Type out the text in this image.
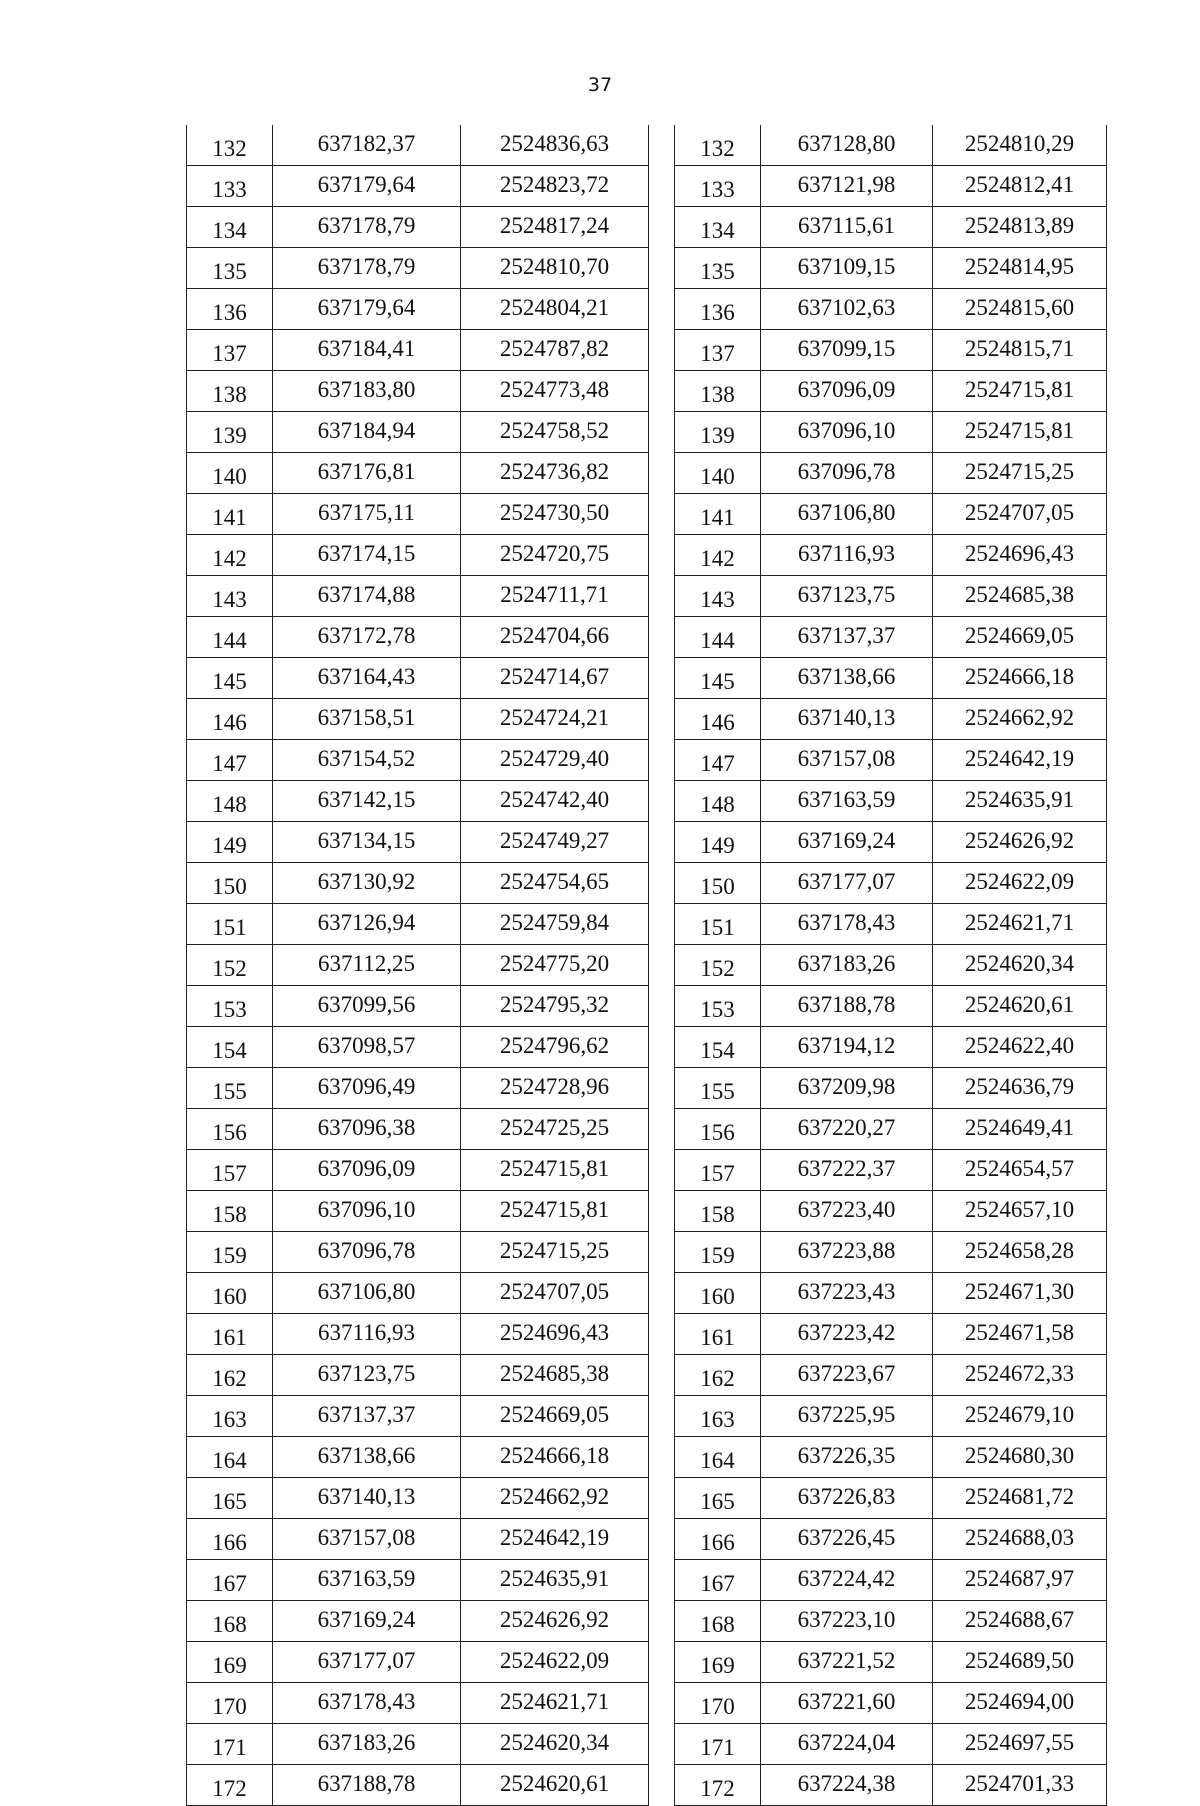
37
132	637182,37	2524836,63
133	637179,64	2524823,72
134	637178,79	2524817,24
135	637178,79	2524810,70
136	637179,64	2524804,21
137	637184,41	2524787,82
138	637183,80	2524773,48
139	637184,94	2524758,52
140	637176,81	2524736,82
141	637175,11	2524730,50
142	637174,15	2524720,75
143	637174,88	2524711,71
144	637172,78	2524704,66
145	637164,43	2524714,67
146	637158,51	2524724,21
147	637154,52	2524729,40
148	637142,15	2524742,40
149	637134,15	2524749,27
150	637130,92	2524754,65
151	637126,94	2524759,84
152	637112,25	2524775,20
153	637099,56	2524795,32
154	637098,57	2524796,62
155	637096,49	2524728,96
156	637096,38	2524725,25
157	637096,09	2524715,81
158	637096,10	2524715,81
159	637096,78	2524715,25
160	637106,80	2524707,05
161	637116,93	2524696,43
162	637123,75	2524685,38
163	637137,37	2524669,05
164	637138,66	2524666,18
165	637140,13	2524662,92
166	637157,08	2524642,19
167	637163,59	2524635,91
168	637169,24	2524626,92
169	637177,07	2524622,09
170	637178,43	2524621,71
171	637183,26	2524620,34
172	637188,78	2524620,61
132	637128,80	2524810,29
133	637121,98	2524812,41
134	637115,61	2524813,89
135	637109,15	2524814,95
136	637102,63	2524815,60
137	637099,15	2524815,71
138	637096,09	2524715,81
139	637096,10	2524715,81
140	637096,78	2524715,25
141	637106,80	2524707,05
142	637116,93	2524696,43
143	637123,75	2524685,38
144	637137,37	2524669,05
145	637138,66	2524666,18
146	637140,13	2524662,92
147	637157,08	2524642,19
148	637163,59	2524635,91
149	637169,24	2524626,92
150	637177,07	2524622,09
151	637178,43	2524621,71
152	637183,26	2524620,34
153	637188,78	2524620,61
154	637194,12	2524622,40
155	637209,98	2524636,79
156	637220,27	2524649,41
157	637222,37	2524654,57
158	637223,40	2524657,10
159	637223,88	2524658,28
160	637223,43	2524671,30
161	637223,42	2524671,58
162	637223,67	2524672,33
163	637225,95	2524679,10
164	637226,35	2524680,30
165	637226,83	2524681,72
166	637226,45	2524688,03
167	637224,42	2524687,97
168	637223,10	2524688,67
169	637221,52	2524689,50
170	637221,60	2524694,00
171	637224,04	2524697,55
172	637224,38	2524701,33
